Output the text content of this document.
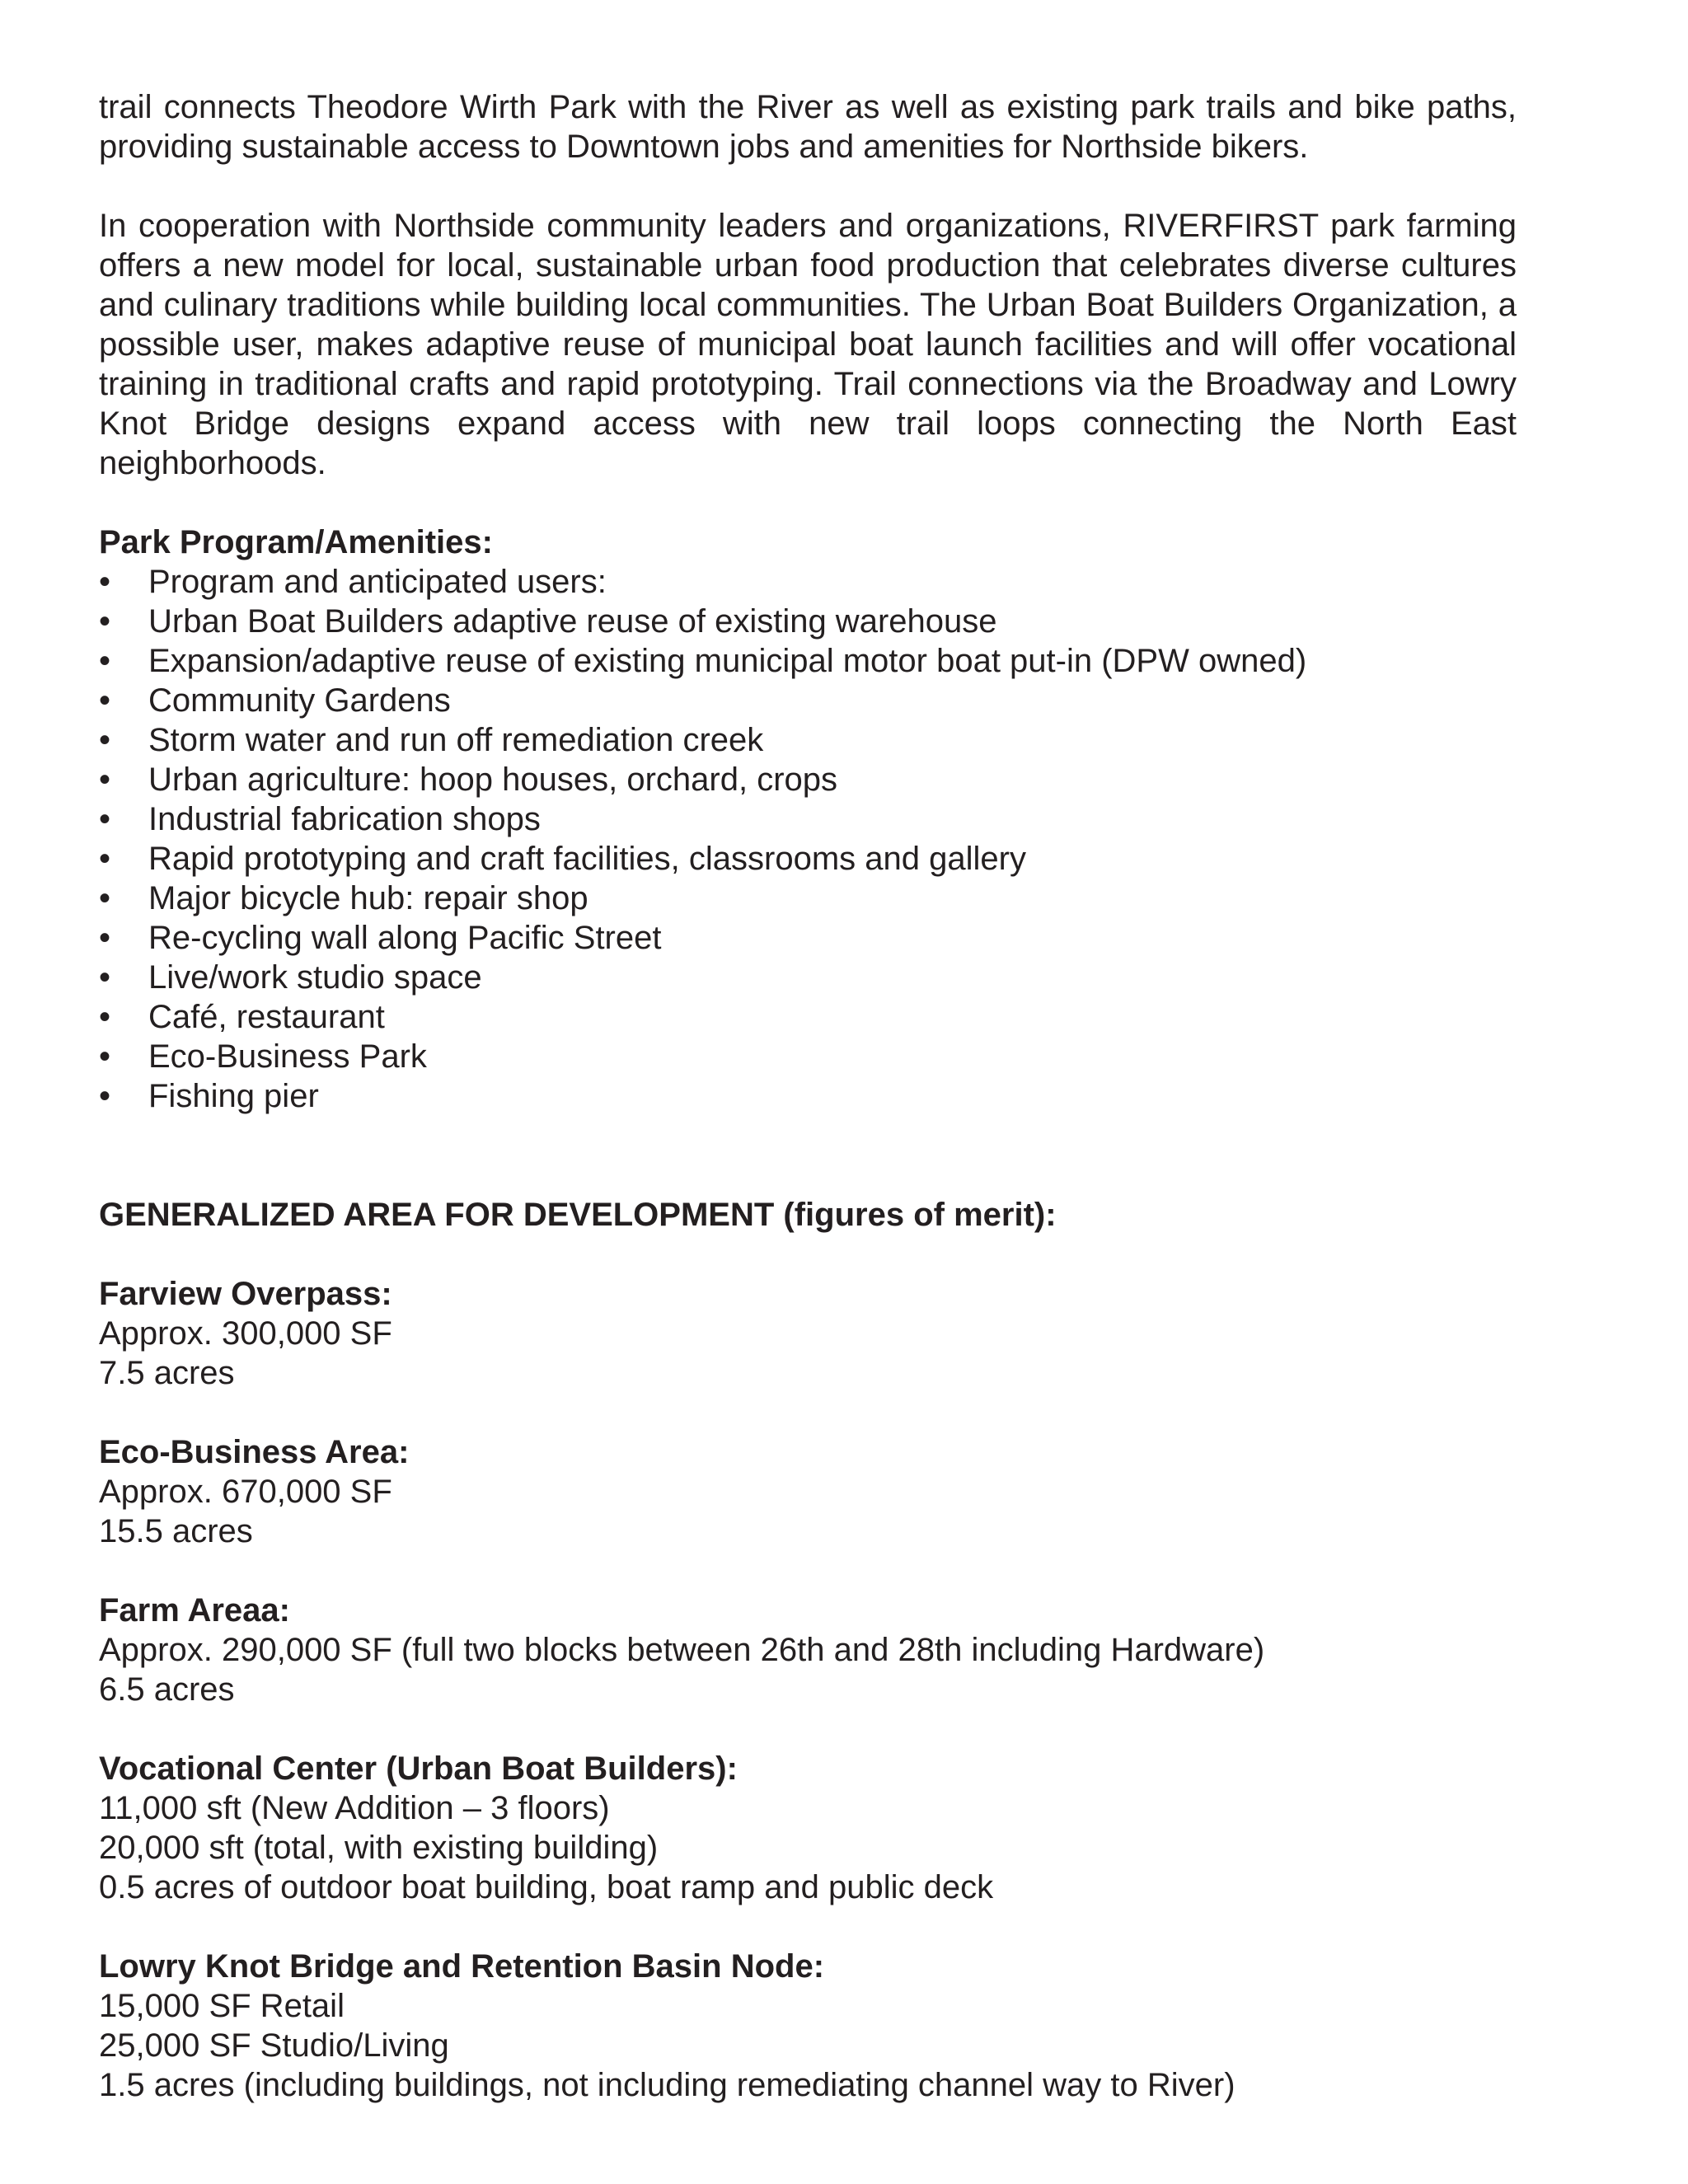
trail connects Theodore Wirth Park with the River as well as existing park trails and bike paths, providing sustainable access to Downtown jobs and amenities for Northside bikers.

In cooperation with Northside community leaders and organizations, RIVERFIRST park farming offers a new model for local, sustainable urban food production that celebrates diverse cultures and culinary traditions while building local communities. The Urban Boat Builders Organization, a possible user, makes adaptive reuse of municipal boat launch facilities and will offer vocational training in traditional crafts and rapid prototyping. Trail connections via the Broadway and Lowry Knot Bridge designs expand access with new trail loops connecting the North East neighborhoods.

Park Program/Amenities:

• Program and anticipated users:
• Urban Boat Builders adaptive reuse of existing warehouse
• Expansion/adaptive reuse of existing municipal motor boat put-in (DPW owned)
• Community Gardens
• Storm water and run off remediation creek
• Urban agriculture: hoop houses, orchard, crops
• Industrial fabrication shops
• Rapid prototyping and craft facilities, classrooms and gallery
• Major bicycle hub: repair shop
• Re-cycling wall along Pacific Street
• Live/work studio space
• Café, restaurant
• Eco-Business Park
• Fishing pier

GENERALIZED AREA FOR DEVELOPMENT (figures of merit):

Farview Overpass:

Approx. 300,000 SF

7.5 acres

Eco-Business Area:

Approx. 670,000 SF

15.5 acres

Farm Areaa:

Approx. 290,000 SF (full two blocks between 26th and 28th including Hardware)

6.5 acres

Vocational Center (Urban Boat Builders):

11,000 sft (New Addition – 3 floors)

20,000 sft (total, with existing building)

0.5 acres of outdoor boat building, boat ramp and public deck

Lowry Knot Bridge and Retention Basin Node:

15,000 SF Retail

25,000 SF Studio/Living

1.5 acres (including buildings, not including remediating channel way to River)
